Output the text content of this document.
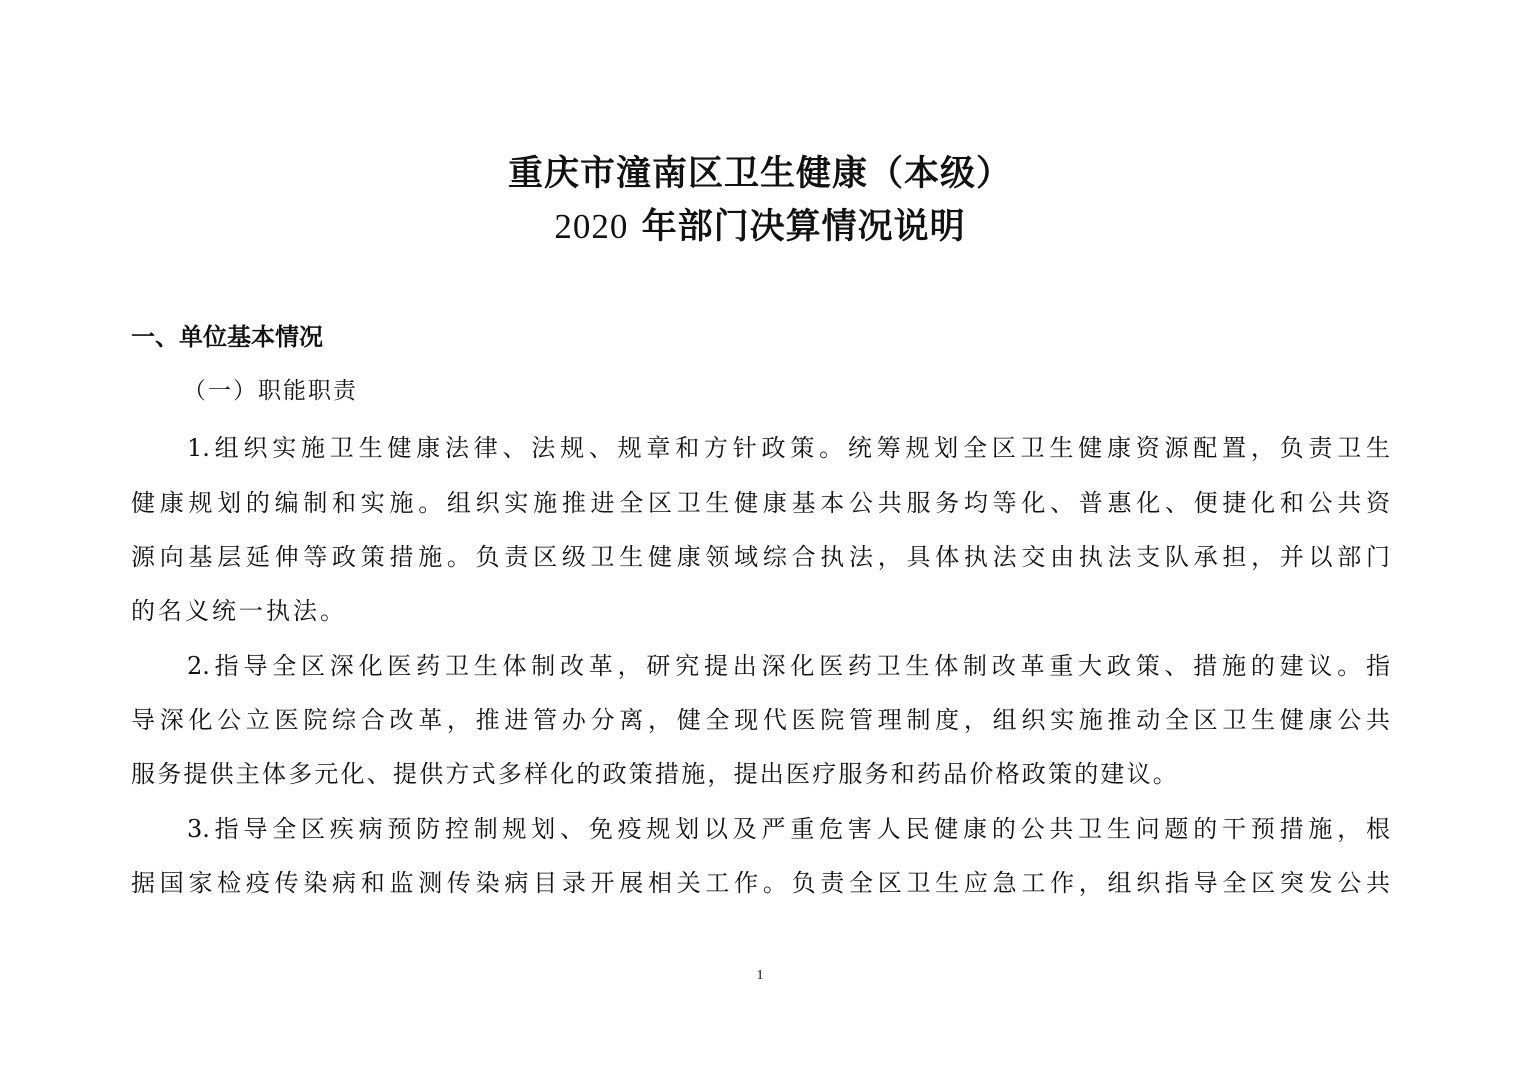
重庆市潼南区卫生健康（本级）
2020 年部门决算情况说明
一、单位基本情况
（一）职能职责
1.组织实施卫生健康法律、法规、规章和方针政策。统筹规划全区卫生健康资源配置，负责卫生
健康规划的编制和实施。组织实施推进全区卫生健康基本公共服务均等化、普惠化、便捷化和公共资
源向基层延伸等政策措施。负责区级卫生健康领域综合执法，具体执法交由执法支队承担，并以部门
的名义统一执法。
2.指导全区深化医药卫生体制改革，研究提出深化医药卫生体制改革重大政策、措施的建议。指
导深化公立医院综合改革，推进管办分离，健全现代医院管理制度，组织实施推动全区卫生健康公共
服务提供主体多元化、提供方式多样化的政策措施，提出医疗服务和药品价格政策的建议。
3.指导全区疾病预防控制规划、免疫规划以及严重危害人民健康的公共卫生问题的干预措施，根
据国家检疫传染病和监测传染病目录开展相关工作。负责全区卫生应急工作，组织指导全区突发公共
1
